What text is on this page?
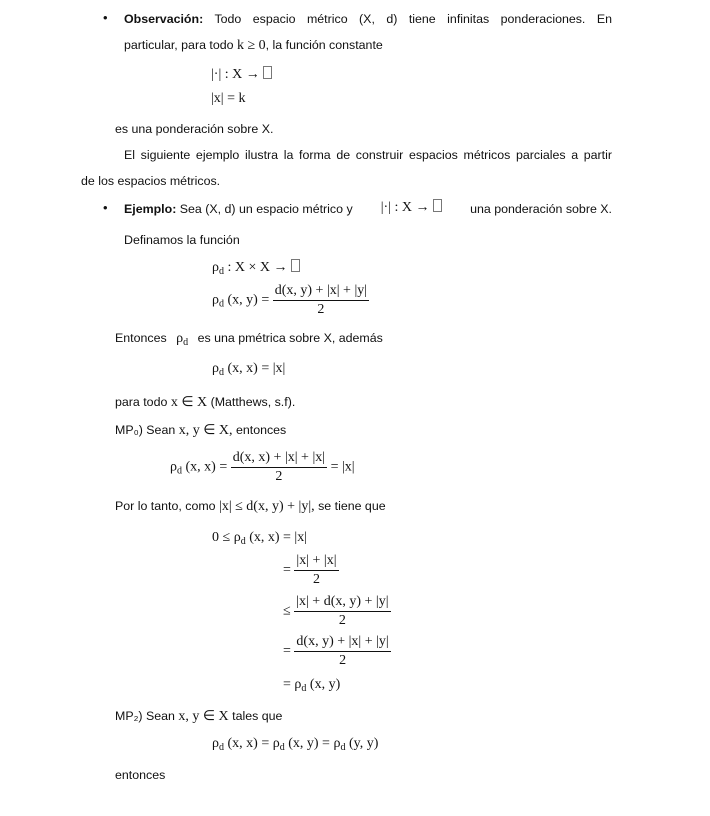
• Observación: Todo espacio métrico (X, d) tiene infinitas ponderaciones. En
particular, para todo k ≥ 0, la función constante
|·| : X →
|x| = k
es una ponderación sobre X.
El siguiente ejemplo ilustra la forma de construir espacios métricos parciales a partir
de los espacios métricos.
• Ejemplo: Sea (X, d) un espacio métrico y |·| : X →	una ponderación sobre X.
Definamos la función
$\rho_d$ : X × X →
$\rho_d$ (x, $y) = \frac{d(x, y) + |x| + |y|}{2}$
Entonces $\rho_d$ es una pmétrica sobre X, además
$\rho_d$ (x, x) = |x|
para todo x ∈ X (Matthews, s.f).
MP₀) Sean x, y ∈ X, entonces
$\rho_d$ (x, $x) = \frac{d(x, x) + |x| + |x|}{2} = |x|$
Por lo tanto, como |x| ≤ d(x, y) + |y|, se tiene que
$0 \le \rho_d$ (x, x) = |x|
= $\frac{|x| + |x|}{2}$
≤ $\frac{|x| + d(x, y) + |y|}{2}$
= $\frac{d(x, y) + |x| + |y|}{2}$
= $\rho_d$ (x, y)
MP₂) Sean x, y ∈ X tales que
$\rho_d$ (x, $x) = \rho_d$ (x, $y) = \rho_d$ (y, y)
entonces
